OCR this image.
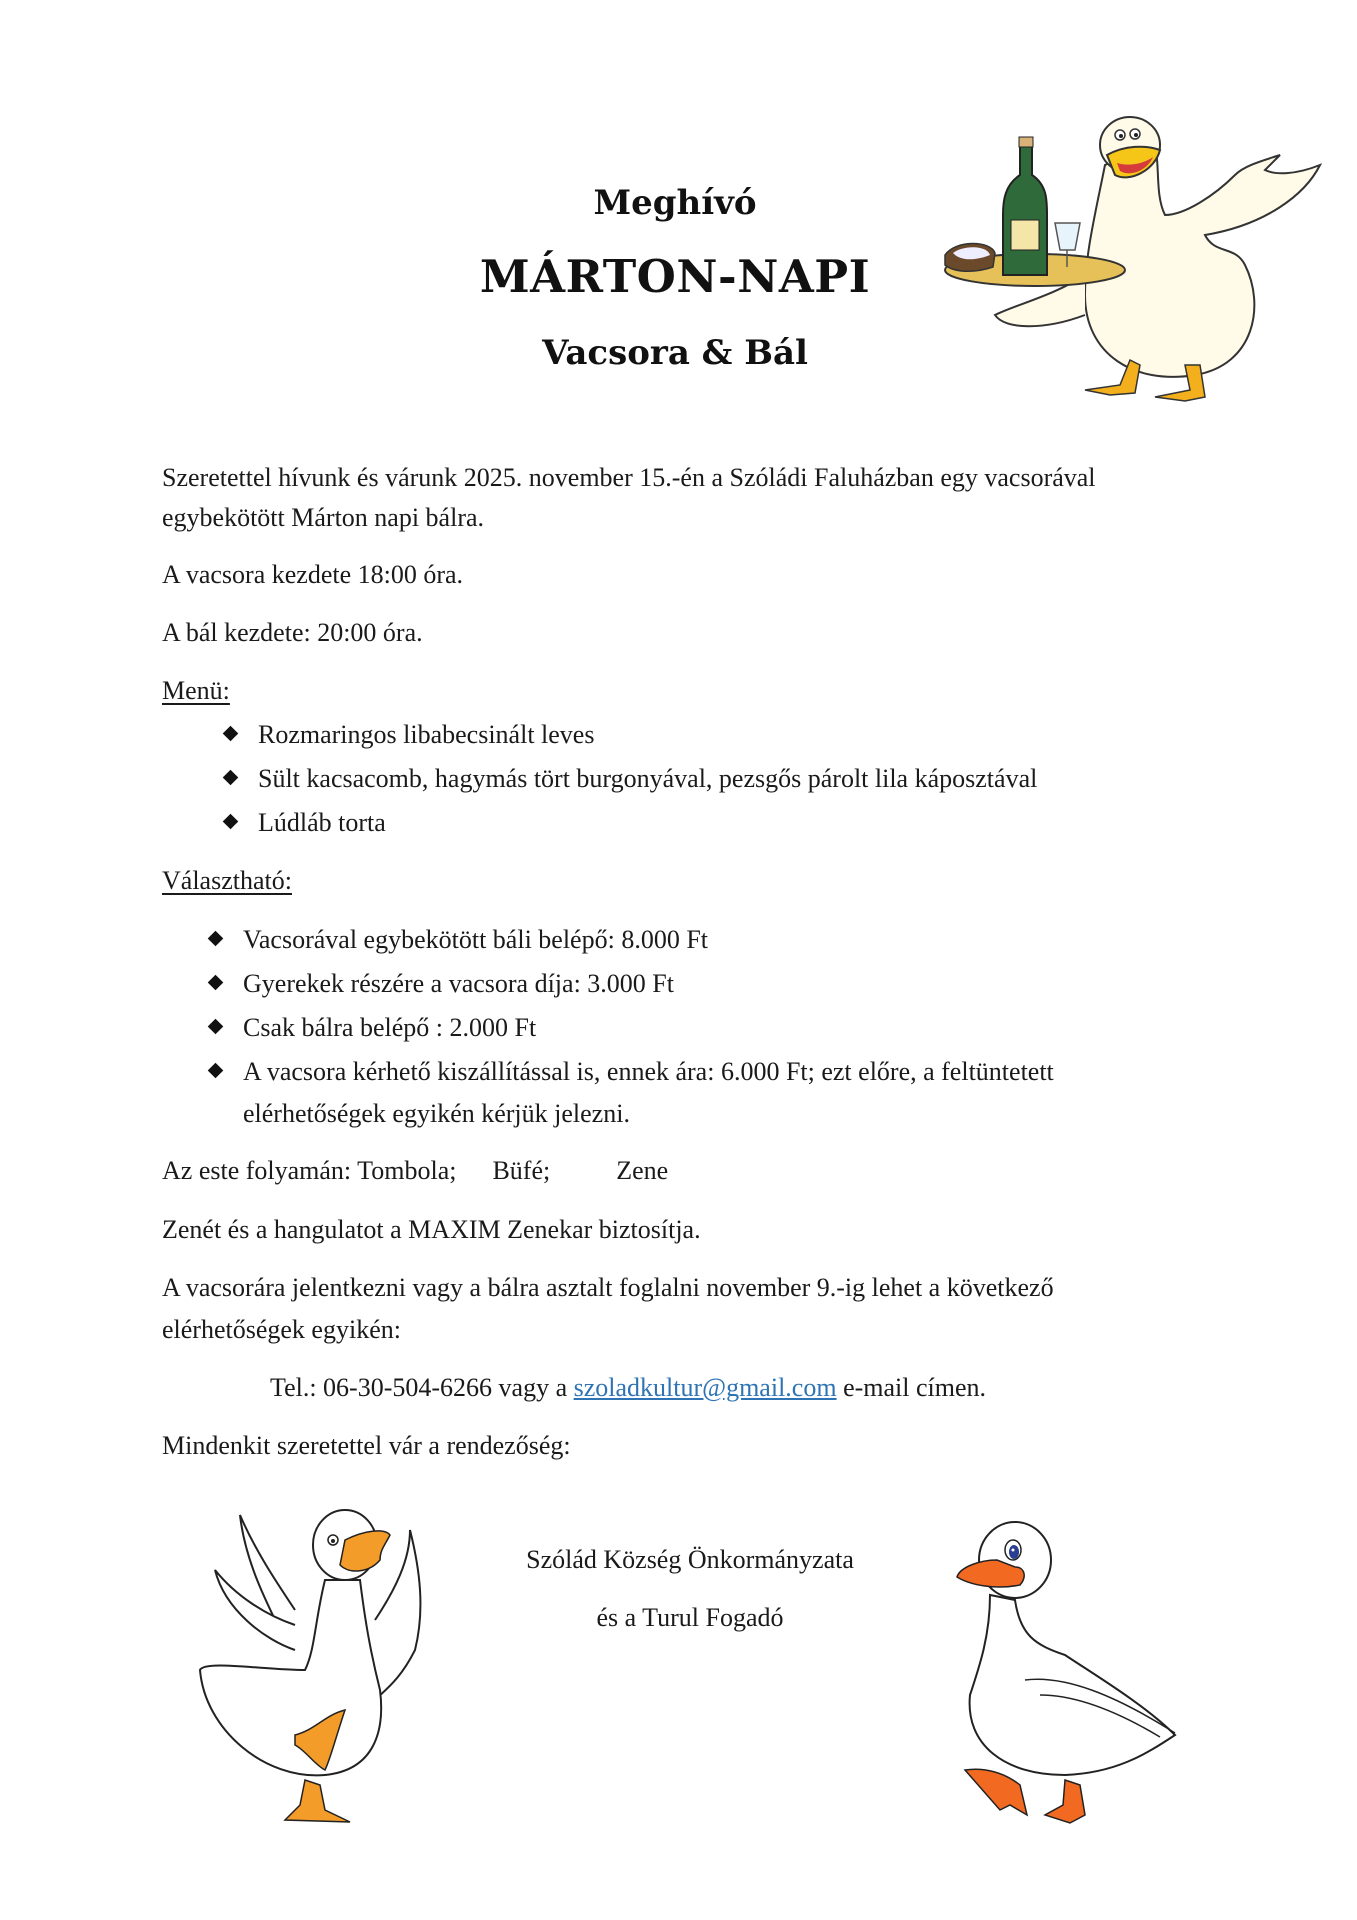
Meghívó
MÁRTON-NAPI
Vacsora & Bál
Szeretettel hívunk és várunk 2025. november 15.-én a Szóládi Faluházban egy vacsorával
egybekötött Márton napi bálra.
A vacsora kezdete 18:00 óra.
A bál kezdete: 20:00 óra.
Menü:
Rozmaringos libabecsinált leves
Sült kacsacomb, hagymás tört burgonyával, pezsgős párolt lila káposztával
Lúdláb torta
Választható:
Vacsorával egybekötött báli belépő: 8.000 Ft
Gyerekek részére a vacsora díja: 3.000 Ft
Csak bálra belépő : 2.000 Ft
A vacsora kérhető kiszállítással is, ennek ára: 6.000 Ft; ezt előre, a feltüntetett
elérhetőségek egyikén kérjük jelezni.
Az este folyamán: Tombola; Büfé;	Zene
Zenét és a hangulatot a MAXIM Zenekar biztosítja.
A vacsorára jelentkezni vagy a bálra asztalt foglalni november 9.-ig lehet a következő
elérhetőségek egyikén:
Tel.: 06-30-504-6266 vagy a szoladkultur@gmail.com e-mail címen.
Mindenkit szeretettel vár a rendezőség:
Szólád Község Önkormányzata
és a Turul Fogadó
